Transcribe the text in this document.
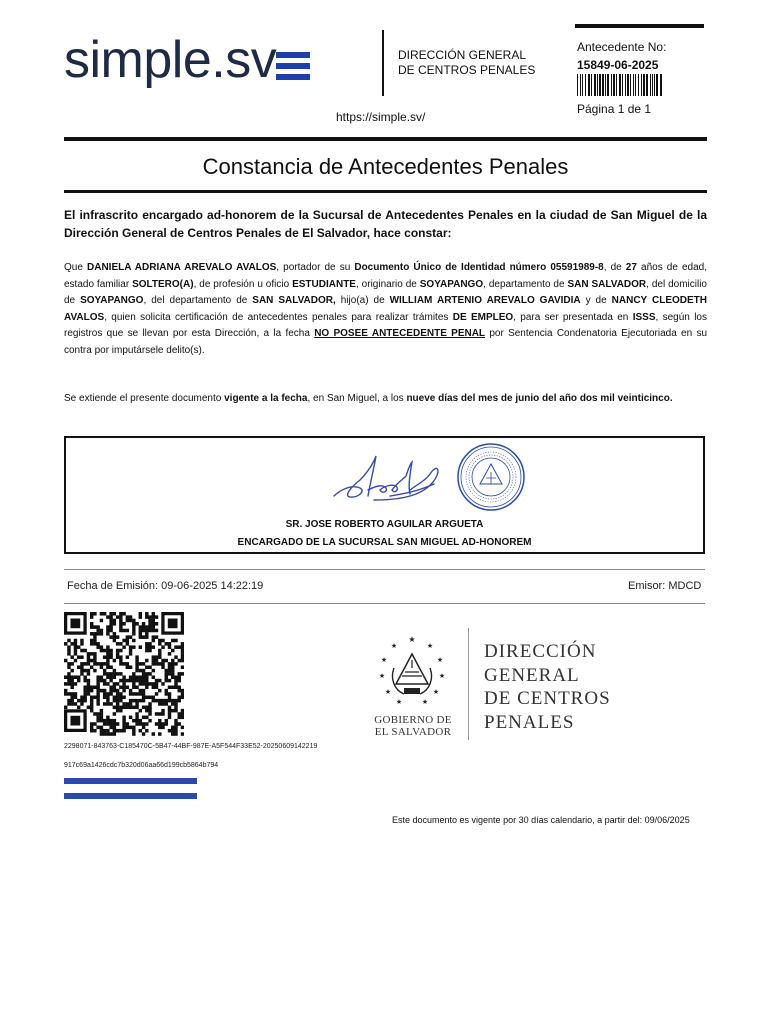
simple.sv	DIRECCIÓN GENERAL
DE CENTROS PENALES
https://simple.sv/
Antecedente No:
15849-06-2025
Página 1 de 1
Constancia de Antecedentes Penales
El infrascrito encargado ad-honorem de la Sucursal de Antecedentes Penales en la ciudad de San Miguel de la Dirección General de Centros Penales de El Salvador, hace constar:
Que DANIELA ADRIANA AREVALO AVALOS, portador de su Documento Único de Identidad número 05591989-8, de 27 años de edad, estado familiar SOLTERO(A), de profesión u oficio ESTUDIANTE, originario de SOYAPANGO, departamento de SAN SALVADOR, del domicilio de SOYAPANGO, del departamento de SAN SALVADOR, hijo(a) de WILLIAM ARTENIO AREVALO GAVIDIA y de NANCY CLEODETH AVALOS, quien solicita certificación de antecedentes penales para realizar trámites DE EMPLEO, para ser presentada en ISSS, según los registros que se llevan por esta Dirección, a la fecha NO POSEE ANTECEDENTE PENAL por Sentencia Condenatoria Ejecutoriada en su contra por imputársele delito(s).
Se extiende el presente documento vigente a la fecha, en San Miguel, a los nueve días del mes de junio del año dos mil veinticinco.
SR. JOSE ROBERTO AGUILAR ARGUETA
ENCARGADO DE LA SUCURSAL SAN MIGUEL AD-HONOREM
Fecha de Emisión: 09-06-2025 14:22:19	Emisor: MDCD
2298071-843763-C185470C-5B47-44BF-987E-A5F544F33E52-20250609142219
917c69a1426cdc7b320d06aa66d199cb5864b794
★
★	★
★	★
★	★
★	★
★	★
GOBIERNO DE
EL SALVADOR
DIRECCIÓN
GENERAL
DE CENTROS
PENALES
Este documento es vigente por 30 días calendario, a partir del: 09/06/2025
